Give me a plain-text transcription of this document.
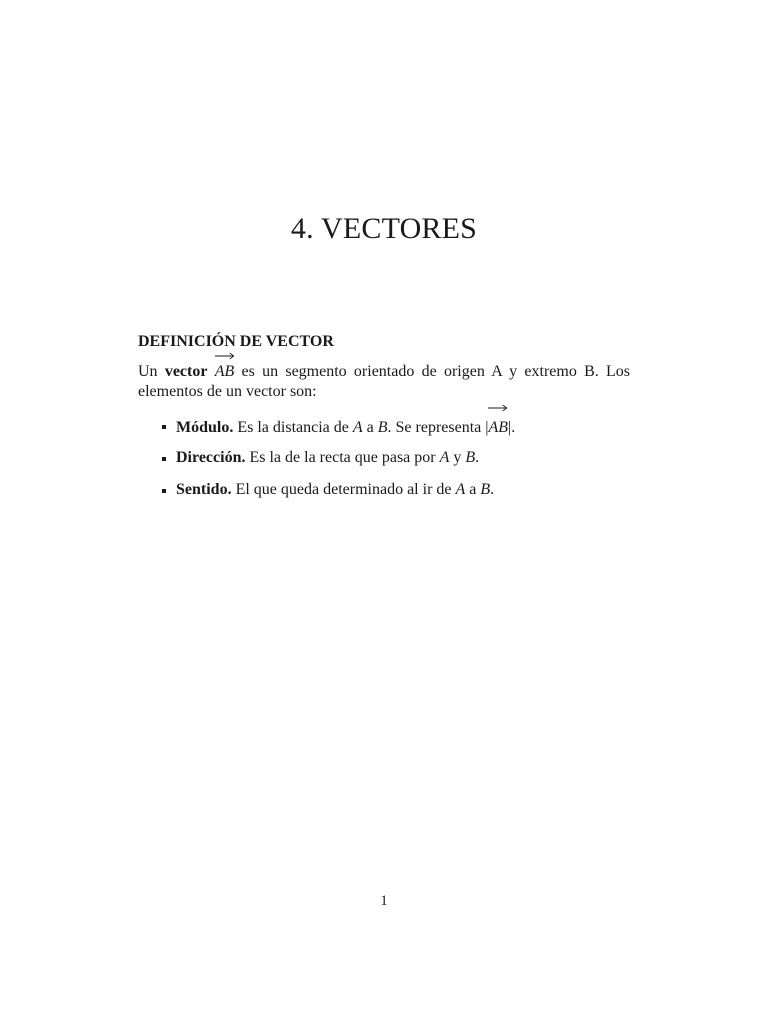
4. VECTORES
DEFINICIÓN DE VECTOR

Un vector AB es un segmento orientado de origen A y extremo B. Los elementos de un vector son:

Módulo. Es la distancia de A a B. Se representa |
AB|.
Dirección. Es la de la recta que pasa por A y B.
Sentido. El que queda determinado al ir de A a B.
1
